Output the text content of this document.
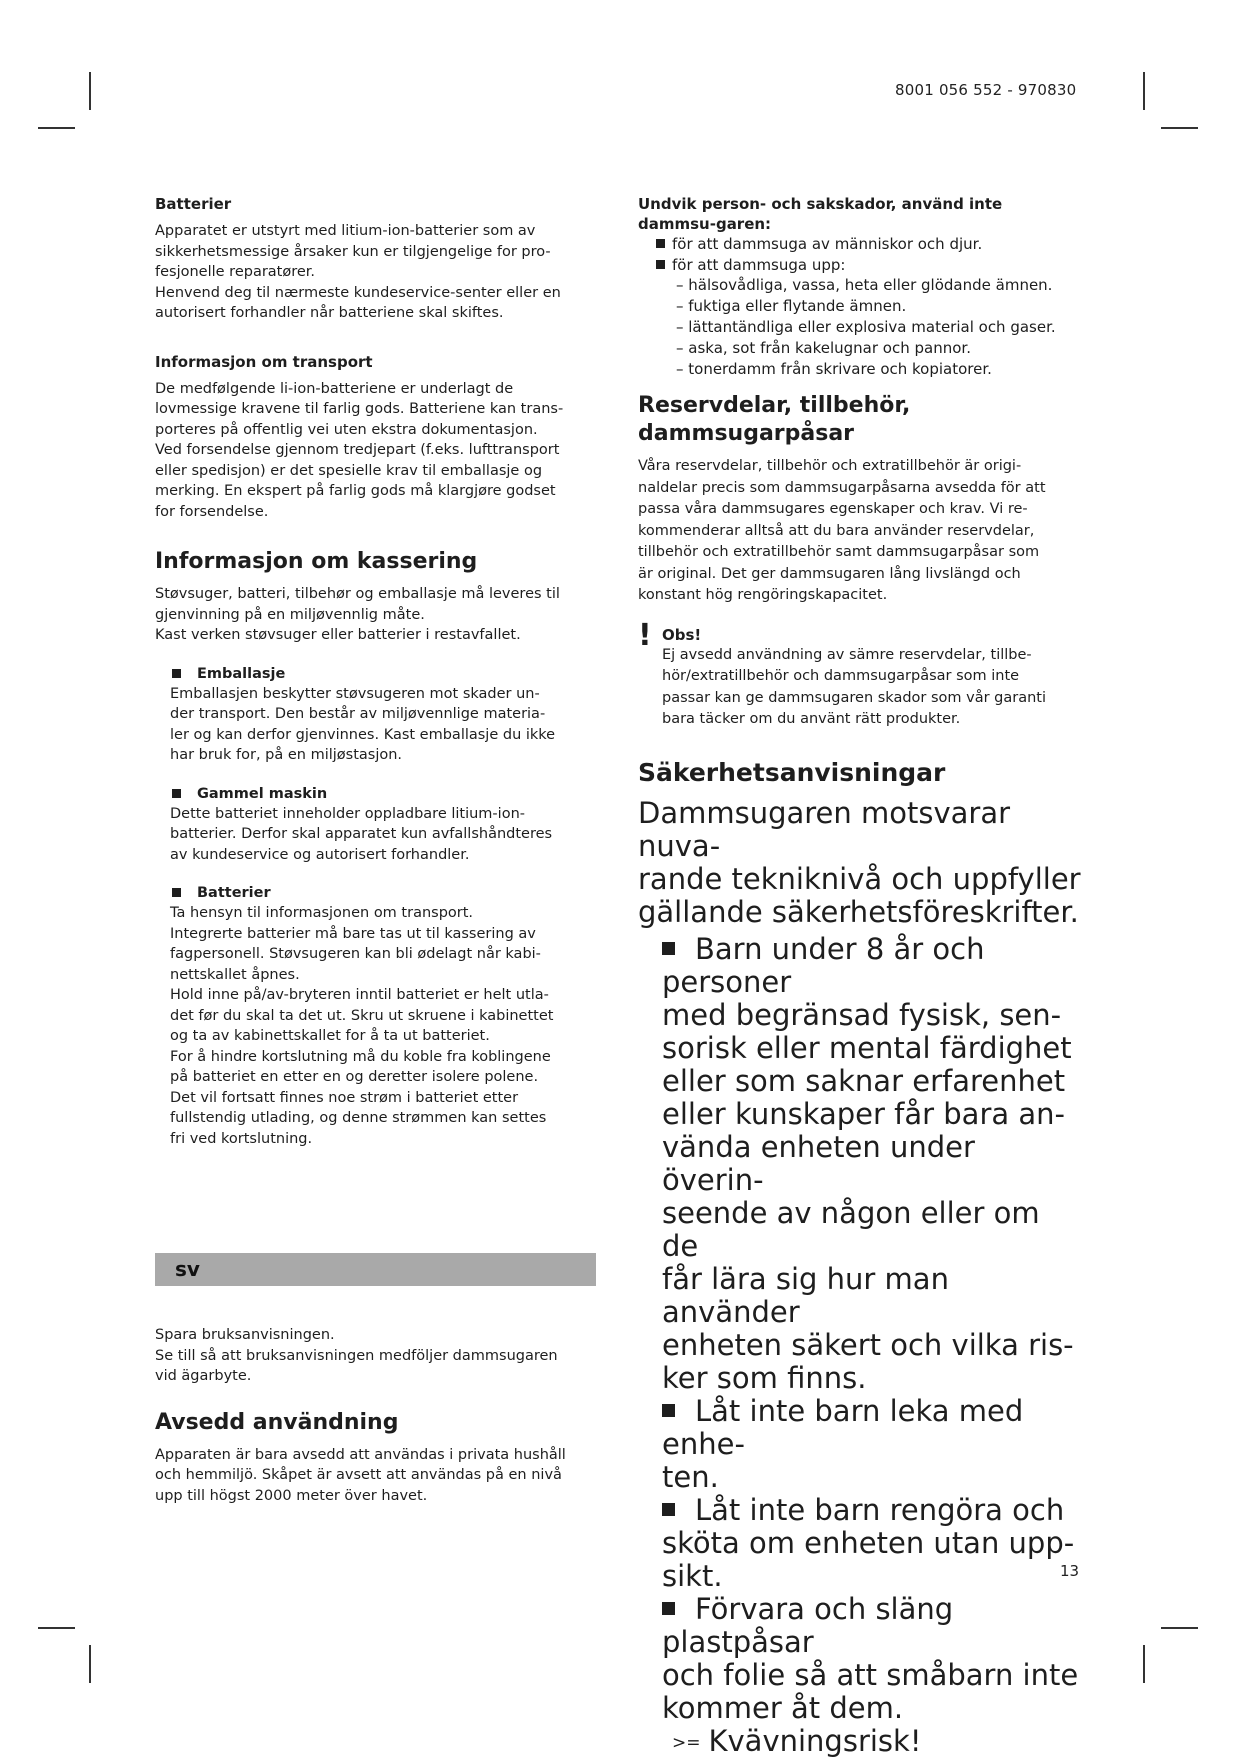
8001 056 552 - 970830
13
Batterier
Apparatet er utstyrt med litium-ion-batterier som av
sikkerhetsmessige årsaker kun er tilgjengelige for pro-
fesjonelle reparatører.
Henvend deg til nærmeste kundeservice-senter eller en
autorisert forhandler når batteriene skal skiftes.
Informasjon om transport
De medfølgende li-ion-batteriene er underlagt de
lovmessige kravene til farlig gods. Batteriene kan trans-
porteres på offentlig vei uten ekstra dokumentasjon.
Ved forsendelse gjennom tredjepart (f.eks. lufttransport
eller spedisjon) er det spesielle krav til emballasje og
merking. En ekspert på farlig gods må klargjøre godset
for forsendelse.
Informasjon om kassering
Støvsuger, batteri, tilbehør og emballasje må leveres til
gjenvinning på en miljøvennlig måte.
Kast verken støvsuger eller batterier i restavfallet.
Emballasje
Emballasjen beskytter støvsugeren mot skader un-
der transport. Den består av miljøvennlige materia-
ler og kan derfor gjenvinnes. Kast emballasje du ikke
har bruk for, på en miljøstasjon.
Gammel maskin
Dette batteriet inneholder oppladbare litium-ion-
batterier. Derfor skal apparatet kun avfallshåndteres
av kundeservice og autorisert forhandler.
Batterier
Ta hensyn til informasjonen om transport.
Integrerte batterier må bare tas ut til kassering av
fagpersonell. Støvsugeren kan bli ødelagt når kabi-
nettskallet åpnes.
Hold inne på/av-bryteren inntil batteriet er helt utla-
det før du skal ta det ut. Skru ut skruene i kabinettet
og ta av kabinettskallet for å ta ut batteriet.
For å hindre kortslutning må du koble fra koblingene
på batteriet en etter en og deretter isolere polene.
Det vil fortsatt finnes noe strøm i batteriet etter
fullstendig utlading, og denne strømmen kan settes
fri ved kortslutning.
sv
Spara bruksanvisningen.
Se till så att bruksanvisningen medföljer dammsugaren
vid ägarbyte.
Avsedd användning
Apparaten är bara avsedd att användas i privata hushåll
och hemmiljö. Skåpet är avsett att användas på en nivå
upp till högst 2000 meter över havet.
Undvik person- och sakskador, använd inte dammsu-garen:
för att dammsuga av människor och djur.
för att dammsuga upp:
– hälsovådliga, vassa, heta eller glödande ämnen.
– fuktiga eller flytande ämnen.
– lättantändliga eller explosiva material och gaser.
– aska, sot från kakelugnar och pannor.
– tonerdamm från skrivare och kopiatorer.
Reservdelar, tillbehör, dammsugarpåsar
Våra reservdelar, tillbehör och extratillbehör är origi-
naldelar precis som dammsugarpåsarna avsedda för att
passa våra dammsugares egenskaper och krav. Vi re-
kommenderar alltså att du bara använder reservdelar,
tillbehör och extratillbehör samt dammsugarpåsar som
är original. Det ger dammsugaren lång livslängd och
konstant hög rengöringskapacitet.
! Obs!
Ej avsedd användning av sämre reservdelar, tillbe-
hör/extratillbehör och dammsugarpåsar som inte
passar kan ge dammsugaren skador som vår garanti
bara täcker om du använt rätt produkter.
Säkerhetsanvisningar
Dammsugaren motsvarar nuva-
rande tekniknivå och uppfyller
gällande säkerhetsföreskrifter.
Barn under 8 år och personer
med begränsad fysisk, sen-
sorisk eller mental färdighet
eller som saknar erfarenhet
eller kunskaper får bara an-
vända enheten under överin-
seende av någon eller om de
får lära sig hur man använder
enheten säkert och vilka ris-
ker som finns.
Låt inte barn leka med enhe-
ten.
Låt inte barn rengöra och
sköta om enheten utan upp-
sikt.
Förvara och släng plastpåsar
och folie så att småbarn inte
kommer åt dem.
>= Kvävningsrisk!
